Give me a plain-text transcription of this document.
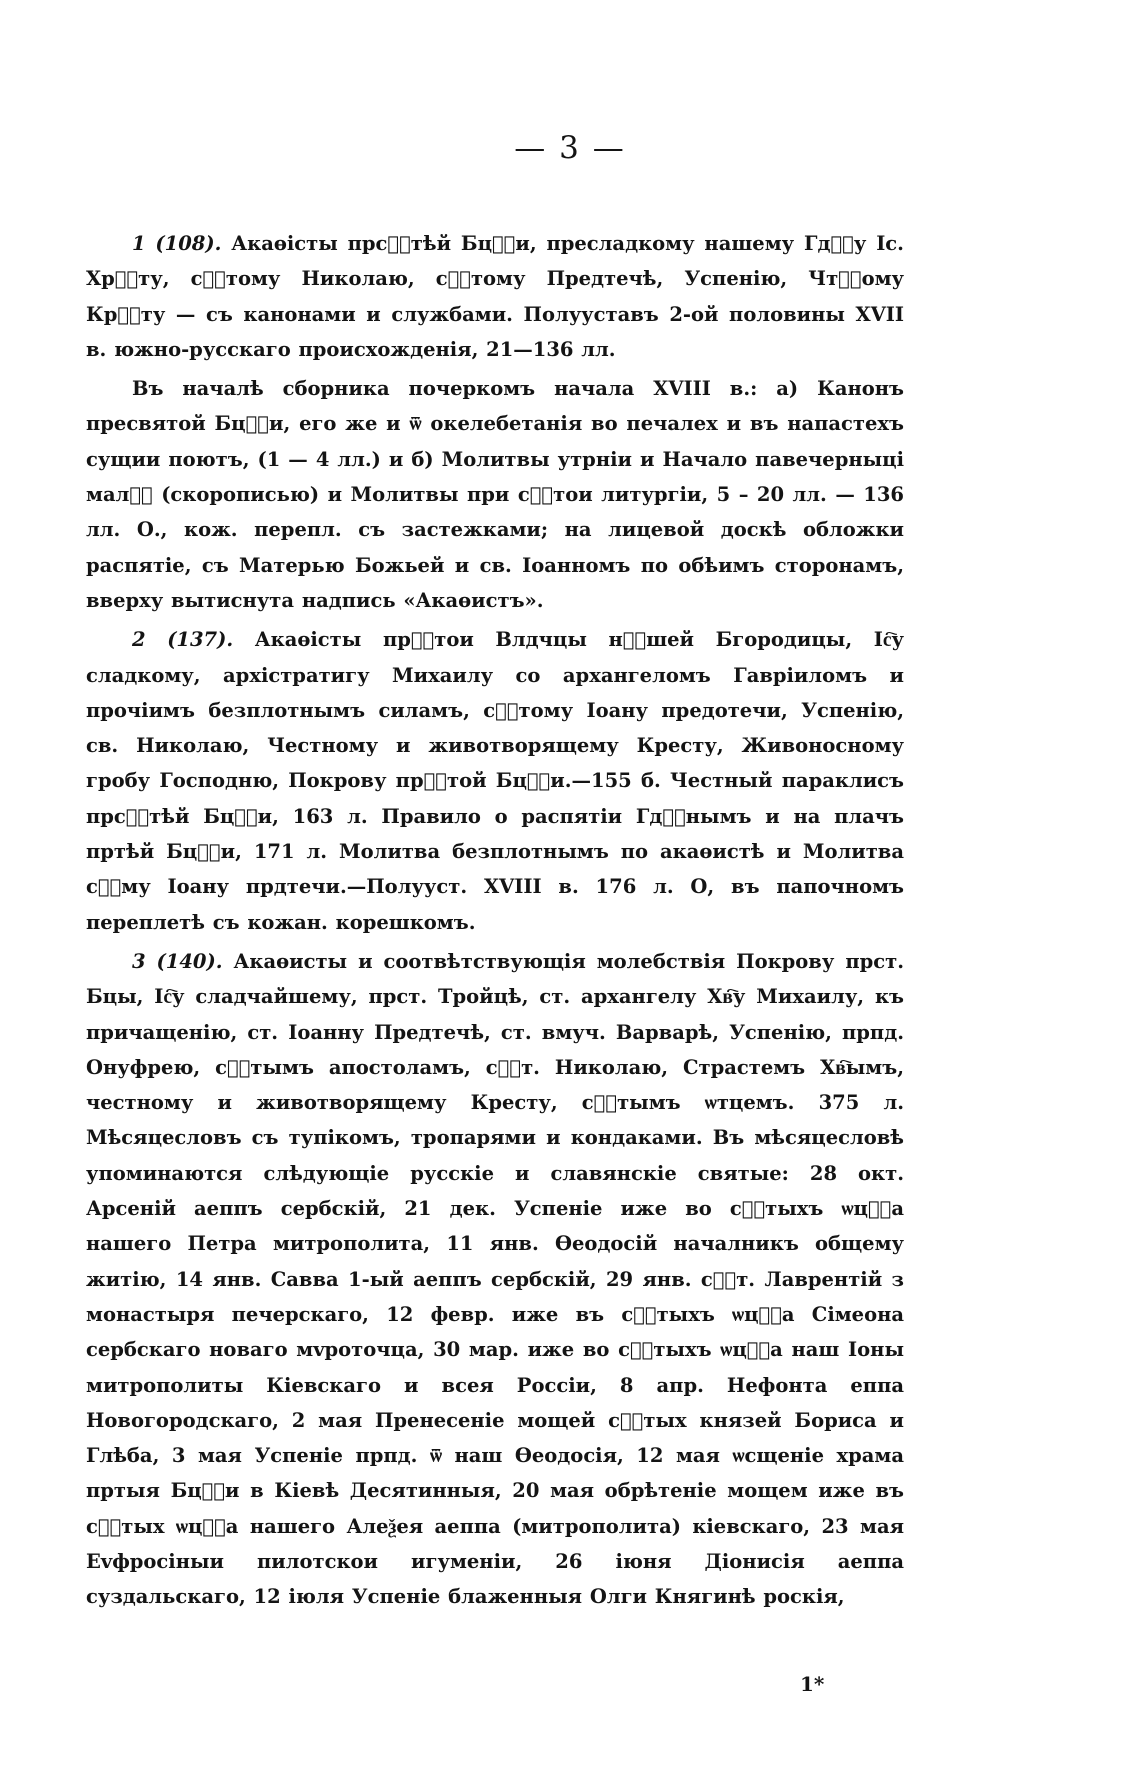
— 3 —

1 (108). Акаөісты прсⷮ҇тѣй Бцⷶ҇и, пресладкому нашему Гдⷭ҇у Іс. Хрⷭ҇ту, сⷮ҇тому Николаю, сⷮ҇тому Предтечѣ, Успенію, Чтⷩ҇ому Крⷭ҇ту — съ канонами и службами. Полууставъ 2-ой половины XVII в. южно-русскаго происхожденія, 21—136 лл.

Въ началѣ сборника почеркомъ начала XVIII в.: а) Канонъ пресвятой Бцⷶ҇и, его же и ѿ окелебетанія во печалех и въ напастехъ сущии поютъ, (1 — 4 лл.) и б) Молитвы утрніи и Начало павечерныці малⷪ҇ (скорописью) и Молитвы при сⷮ҇тои литургіи, 5 – 20 лл. — 136 лл. О., кож. перепл. съ застежками; на лицевой доскѣ обложки распятіе, съ Матерью Божьей и св. Іоанномъ по обѣимъ сторонамъ, вверху вытиснута надпись «Акаөистъ».

2 (137). Акаөісты прⷭ҇тои Влдчцы нⷲ҇шей Бгородицы, Іс҇у сладкому, архістратигу Михаилу со архангеломъ Гавріиломъ и прочіимъ безплотнымъ силамъ, сⷮ҇тому Іоану предотечи, Успенію, св. Николаю, Честному и животворящему Кресту, Живоносному гробу Господню, Покрову прⷭ҇той Бцⷶ҇и.—155 б. Честный параклисъ прсⷮ҇тѣй Бцⷶ҇и, 163 л. Правило о распятіи Гдⷭ҇нымъ и на плачъ пртѣй Бцⷶ҇и, 171 л. Молитва безплотнымъ по акаөистѣ и Молитва сⷮ҇му Іоану прдтечи.—Полууст. XVIII в. 176 л. О, въ папочномъ переплетѣ съ кожан. корешкомъ.

3 (140). Акаөисты и соотвѣтствующія молебствія Покрову прст. Бцы, Іс҇у сладчайшему, прст. Тройцѣ, ст. архангелу Хв҇у Михаилу, къ причащенію, ст. Іоанну Предтечѣ, ст. вмуч. Варварѣ, Успенію, прпд. Онуфрею, сⷮ҇тымъ апостоламъ, сⷮ҇т. Николаю, Страстемъ Хв҇ымъ, честному и животворящему Кресту, сⷮ҇тымъ ѡтцемъ. 375 л. Мѣсяцесловъ съ тупікомъ, тропарями и кондаками. Въ мѣсяцесловѣ упоминаются слѣдующіе русскіе и славянскіе святые: 28 окт. Арсеній аеппъ сербскій, 21 дек. Успеніе иже во сⷮ҇тыхъ ѡцⷶ҇а нашего Петра митрополита, 11 янв. Өеодосій началникъ общему житію, 14 янв. Савва 1-ый аеппъ сербскій, 29 янв. сⷮ҇т. Лаврентій з монастыря печерскаго, 12 февр. иже въ сⷮ҇тыхъ ѡцⷶ҇а Сімеона сербскаго новаго мvроточца, 30 мар. иже во сⷮ҇тыхъ ѡцⷶ҇а наш Іоны митрополиты Кіевскаго и всея Россіи, 8 апр. Нефонта еппа Новогородскаго, 2 мая Пренесеніе мощей сⷮ҇тых князей Бориса и Глѣба, 3 мая Успеніе прпд. ѿ наш Өеодосія, 12 мая ѡсщеніе храма пртыя Бцⷶ҇и в Кіевѣ Десятинныя, 20 мая обрѣтеніе мощем иже въ сⷮ҇тых ѡцⷶ҇а нашего Алеѯея аеппа (митрополита) кіевскаго, 23 мая Еvфросіныи пилотскои игуменіи, 26 іюня Діонисія аеппа суздальскаго, 12 іюля Успеніе блаженныя Олги Княгинѣ роскія,

1*
